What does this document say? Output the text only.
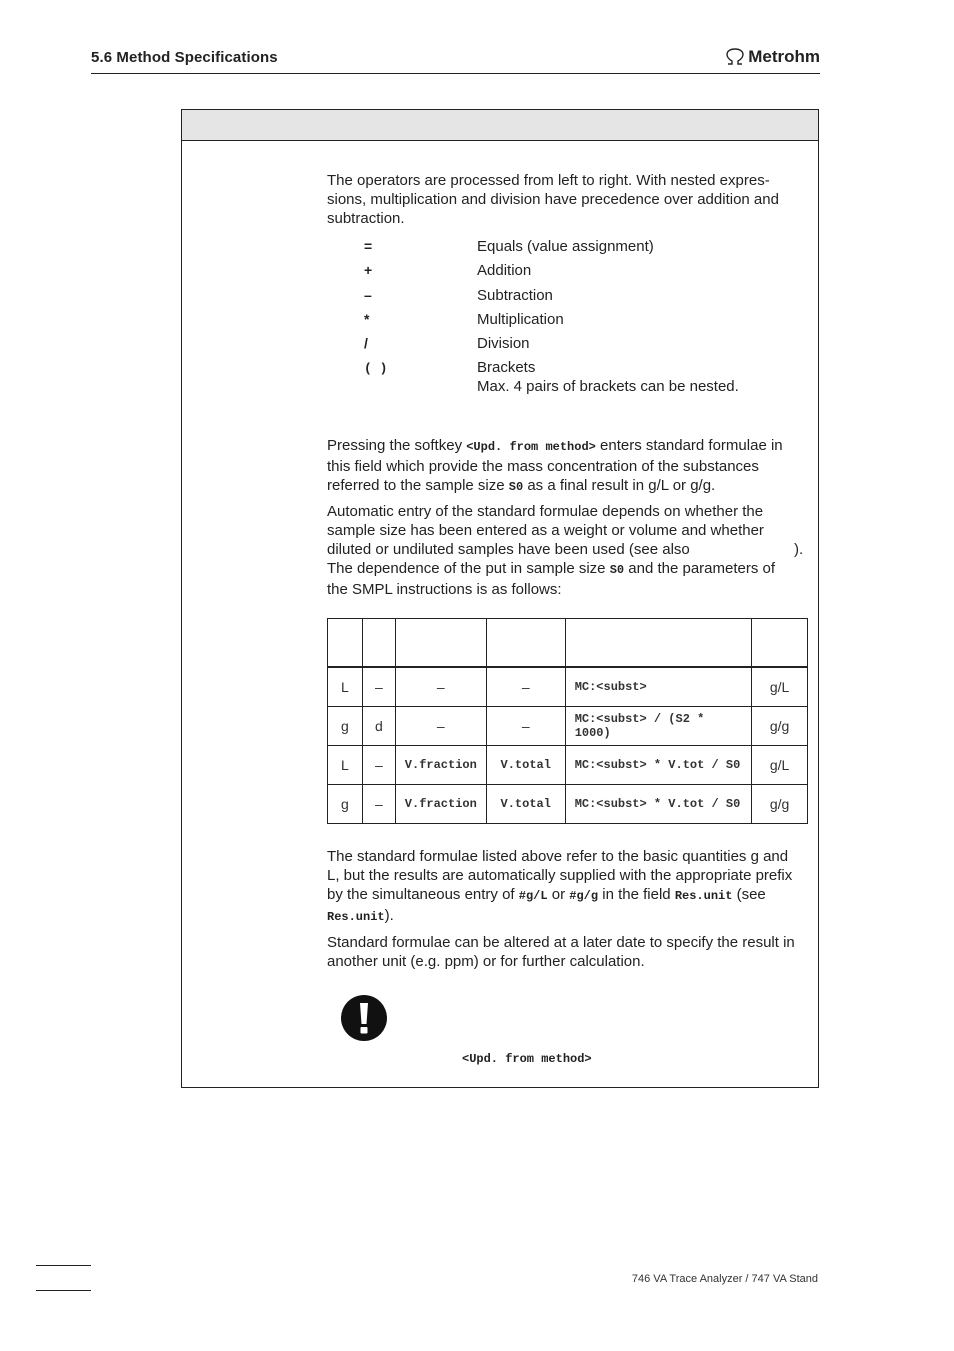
5.6 Method Specifications	Metrohm
The operators are processed from left to right. With nested expres-
sions, multiplication and division have precedence over addition and
subtraction.
=	Equals (value assignment)
+	Addition
–	Subtraction
*	Multiplication
/	Division
( )	Brackets
Max. 4 pairs of brackets can be nested.
Pressing the softkey <Upd. from method> enters standard formulae in
this field which provide the mass concentration of the substances
referred to the sample size S0 as a final result in g/L or g/g.
Automatic entry of the standard formulae depends on whether the
sample size has been entered as a weight or volume and whether
diluted or undiluted samples have been used (see also	).
The dependence of the put in sample size S0 and the parameters of
the SMPL instructions is as follows:

L	–	–	–	MC:<subst>	g/L
g	d	–	–	MC:<subst> / (S2 * 1000)	g/g
L	–	V.fraction	V.total	MC:<subst> * V.tot / S0	g/L
g	–	V.fraction	V.total	MC:<subst> * V.tot / S0	g/g
The standard formulae listed above refer to the basic quantities g and
L, but the results are automatically supplied with the appropriate prefix
by the simultaneous entry of #g/L or #g/g in the field Res.unit (see
Res.unit).
Standard formulae can be altered at a later date to specify the result in
another unit (e.g. ppm) or for further calculation.
<Upd. from method>
746 VA Trace Analyzer / 747 VA Stand
